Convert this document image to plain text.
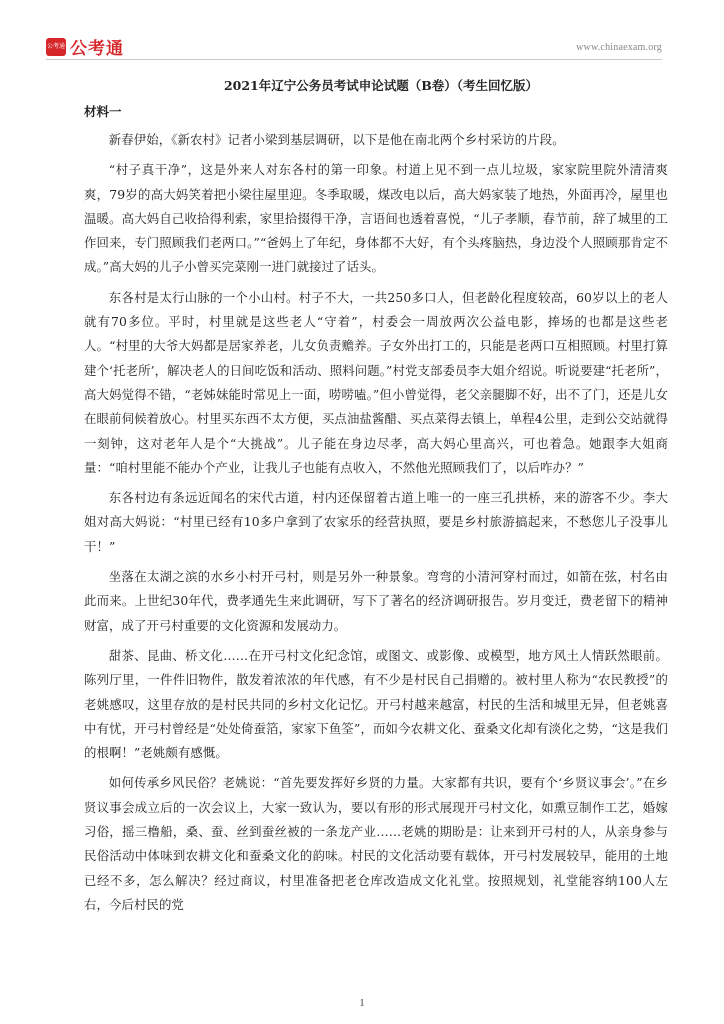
公考通 公考通	www.chinaexam.org
2021年辽宁公务员考试申论试题（B卷）（考生回忆版）
材料一

新春伊始，《新农村》记者小梁到基层调研，以下是他在南北两个乡村采访的片段。

“村子真干净”，这是外来人对东各村的第一印象。村道上见不到一点儿垃圾，家家院里院外清清爽爽，79岁的高大妈笑着把小梁往屋里迎。冬季取暖，煤改电以后，高大妈家装了地热，外面再冷，屋里也温暖。高大妈自己收拾得利索，家里拾掇得干净，言语间也透着喜悦，“儿子孝顺，春节前，辞了城里的工作回来，专门照顾我们老两口。”“爸妈上了年纪，身体都不大好，有个头疼脑热，身边没个人照顾那肯定不成。”高大妈的儿子小曾买完菜刚一进门就接过了话头。

东各村是太行山脉的一个小山村。村子不大，一共250多口人，但老龄化程度较高，60岁以上的老人就有70多位。平时，村里就是这些老人“守着”，村委会一周放两次公益电影，捧场的也都是这些老人。“村里的大爷大妈都是居家养老，儿女负责赡养。子女外出打工的，只能是老两口互相照顾。村里打算建个‘托老所’，解决老人的日间吃饭和活动、照料问题。”村党支部委员李大姐介绍说。听说要建“托老所”，高大妈觉得不错，“老姊妹能时常见上一面，唠唠嗑。”但小曾觉得，老父亲腿脚不好，出不了门，还是儿女在眼前伺候着放心。村里买东西不太方便，买点油盐酱醋、买点菜得去镇上，单程4公里，走到公交站就得一刻钟，这对老年人是个“大挑战”。儿子能在身边尽孝，高大妈心里高兴，可也着急。她跟李大姐商量：“咱村里能不能办个产业，让我儿子也能有点收入，不然他光照顾我们了，以后咋办？”

东各村边有条远近闻名的宋代古道，村内还保留着古道上唯一的一座三孔拱桥，来的游客不少。李大姐对高大妈说：“村里已经有10多户拿到了农家乐的经营执照，要是乡村旅游搞起来，不愁您儿子没事儿干！”

坐落在太湖之滨的水乡小村开弓村，则是另外一种景象。弯弯的小清河穿村而过，如箭在弦，村名由此而来。上世纪30年代，费孝通先生来此调研，写下了著名的经济调研报告。岁月变迁，费老留下的精神财富，成了开弓村重要的文化资源和发展动力。

甜茶、昆曲、桥文化……在开弓村文化纪念馆，或图文、或影像、或模型，地方风土人情跃然眼前。陈列厅里，一件件旧物件，散发着浓浓的年代感，有不少是村民自己捐赠的。被村里人称为“农民教授”的老姚感叹，这里存放的是村民共同的乡村文化记忆。开弓村越来越富，村民的生活和城里无异，但老姚喜中有忧，开弓村曾经是“处处倚蚕箔，家家下鱼筌”，而如今农耕文化、蚕桑文化却有淡化之势，“这是我们的根啊！”老姚颇有感慨。

如何传承乡风民俗？老姚说：“首先要发挥好乡贤的力量。大家都有共识，要有个‘乡贤议事会’。”在乡贤议事会成立后的一次会议上，大家一致认为，要以有形的形式展现开弓村文化，如熏豆制作工艺，婚嫁习俗，摇三橹船，桑、蚕、丝到蚕丝被的一条龙产业……老姚的期盼是：让来到开弓村的人，从亲身参与民俗活动中体味到农耕文化和蚕桑文化的韵味。村民的文化活动要有载体，开弓村发展较早，能用的土地已经不多，怎么解决？经过商议，村里准备把老仓库改造成文化礼堂。按照规划，礼堂能容纳100人左右，今后村民的党

1
